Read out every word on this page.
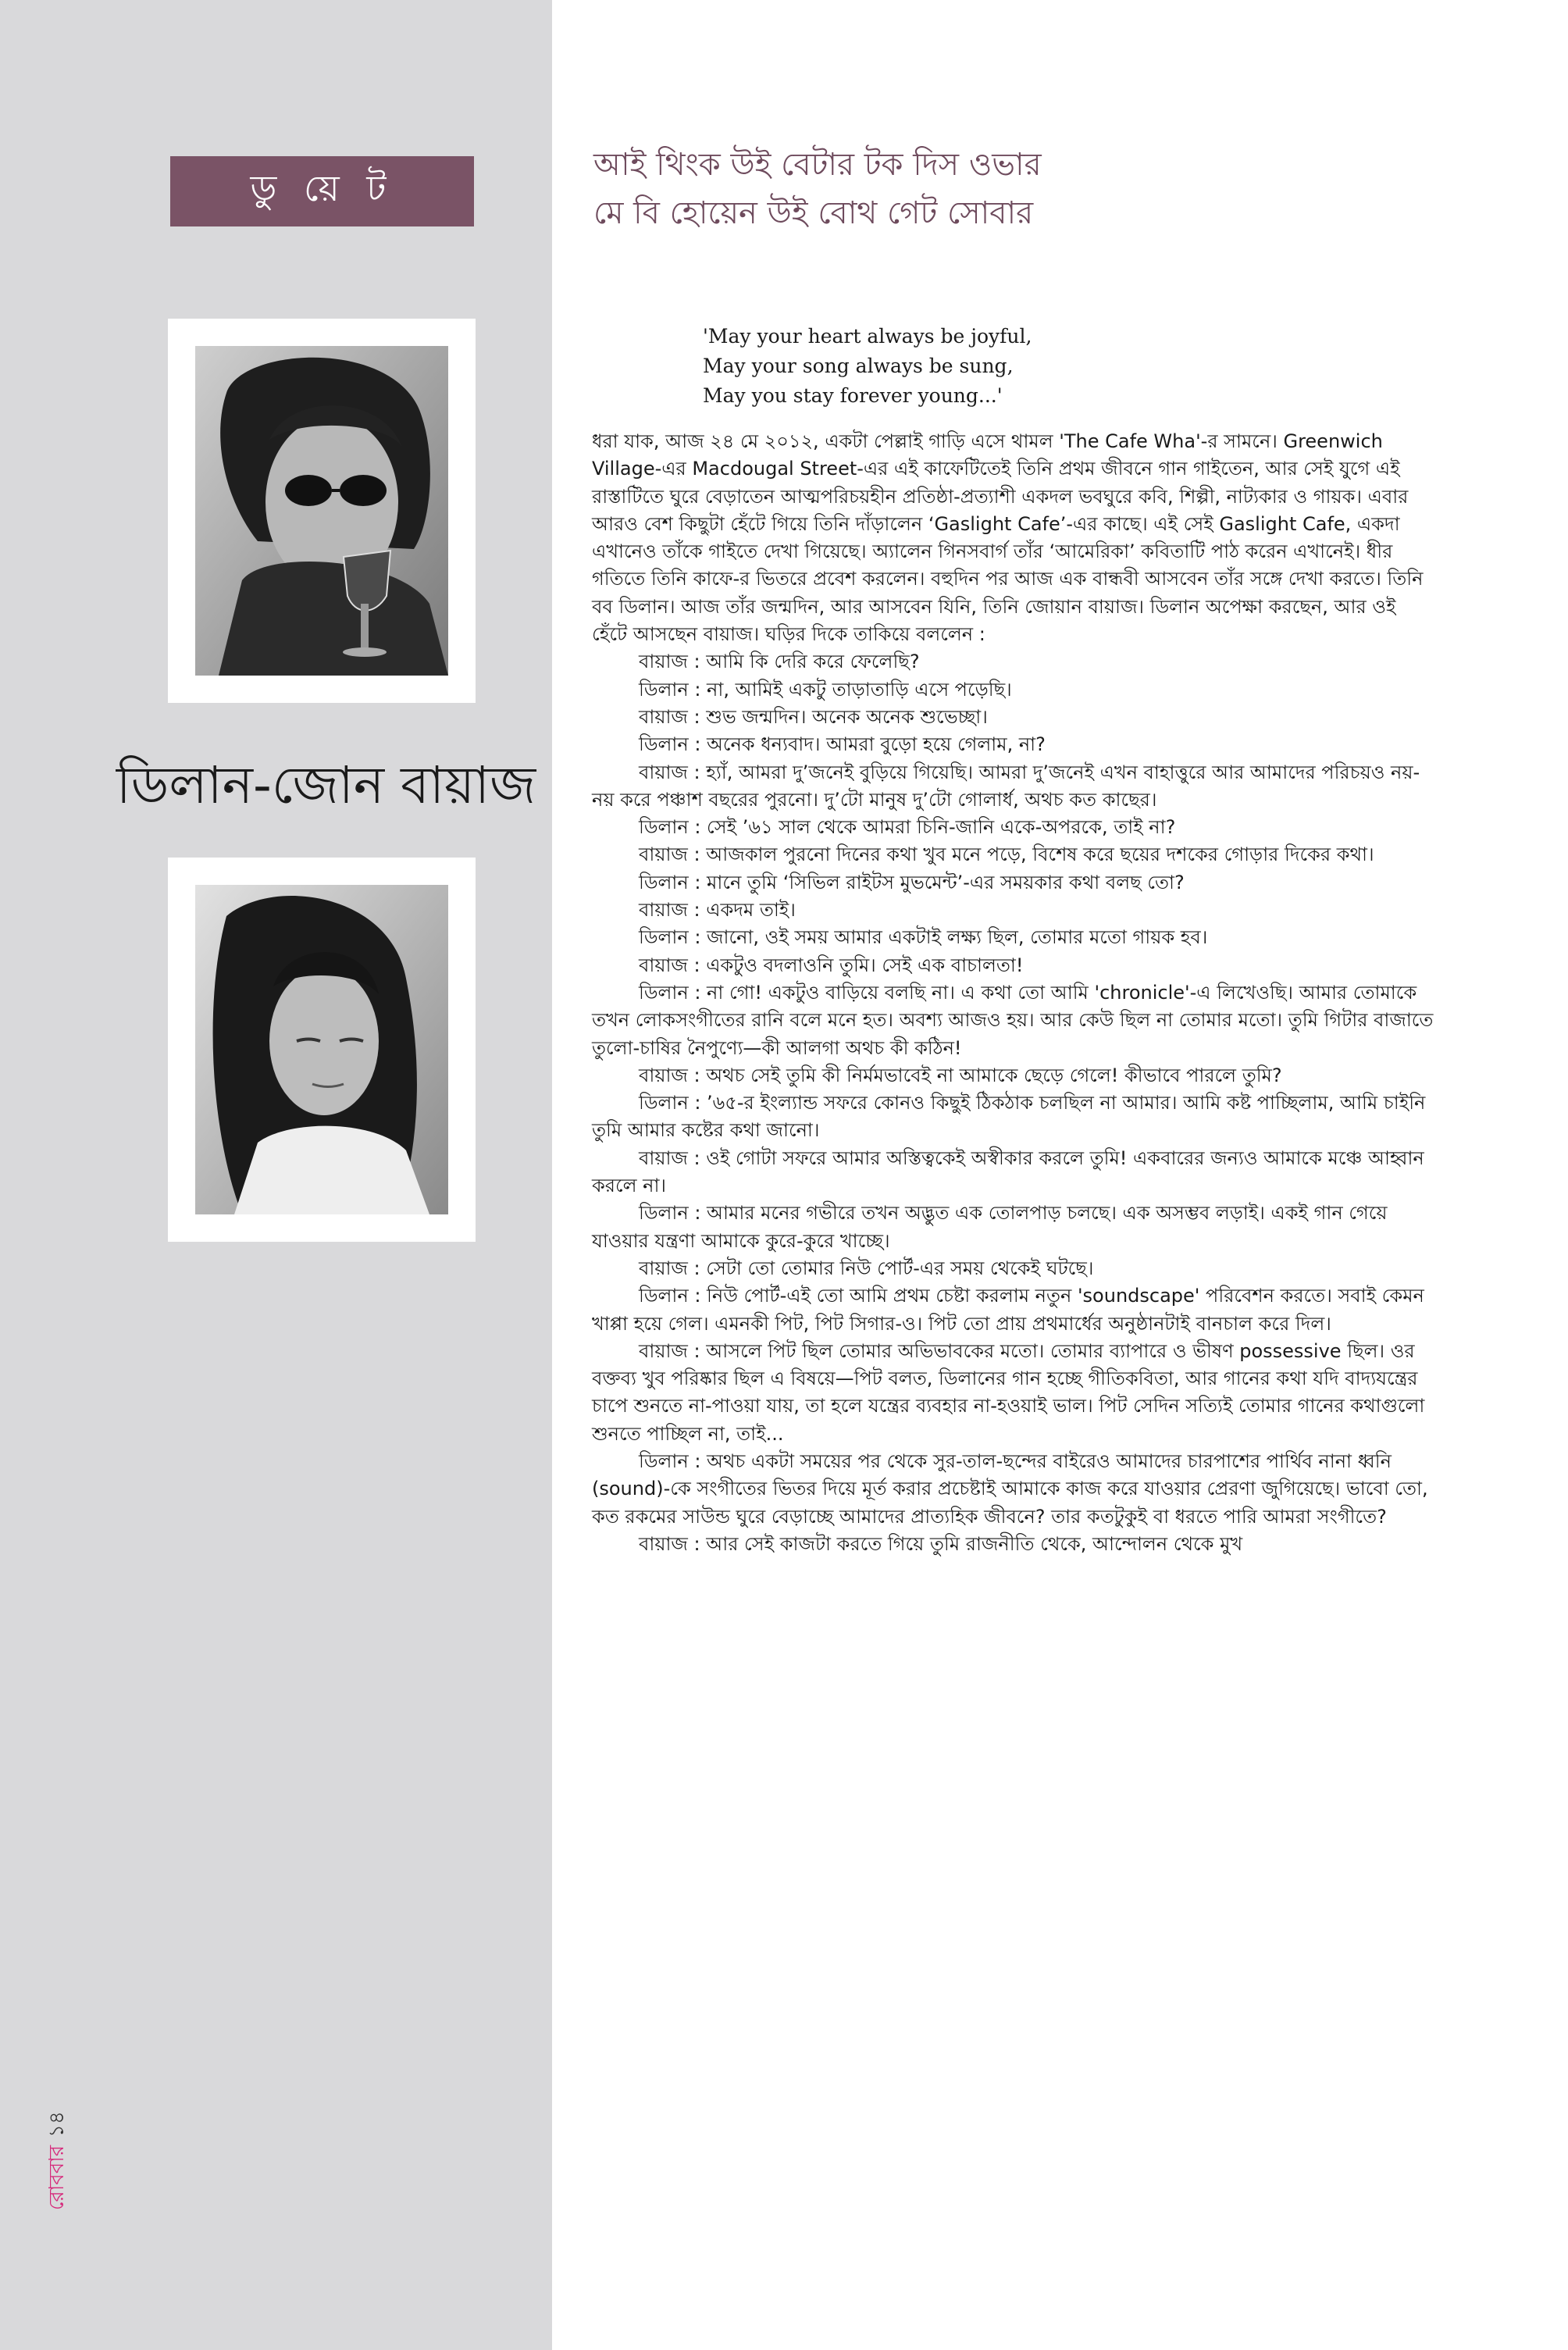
ডু য়ে ট
ডিলান-জোন বায়াজ
রোববার১৪
আই থিংক উই বেটার টক দিস ওভার
মে বি হোয়েন উই বোথ গেট সোবার
'May your heart always be joyful,
May your song always be sung,
May you stay forever young...'

ধরা যাক, আজ ২৪ মে ২০১২, একটা পেল্লাই গাড়ি এসে থামল 'The Cafe Wha'-র সামনে। Greenwich Village-এর Macdougal Street-এর এই কাফেটিতেই তিনি প্রথম জীবনে গান গাইতেন, আর সেই যুগে এই রাস্তাটিতে ঘুরে বেড়াতেন আত্মপরিচয়হীন প্রতিষ্ঠা-প্রত্যাশী একদল ভবঘুরে কবি, শিল্পী, নাট্যকার ও গায়ক। এবার আরও বেশ কিছুটা হেঁটে গিয়ে তিনি দাঁড়ালেন ‘Gaslight Cafe’-এর কাছে। এই সেই Gaslight Cafe, একদা এখানেও তাঁকে গাইতে দেখা গিয়েছে। অ্যালেন গিনসবার্গ তাঁর ‘আমেরিকা’ কবিতাটি পাঠ করেন এখানেই। ধীর গতিতে তিনি কাফে-র ভিতরে প্রবেশ করলেন। বহুদিন পর আজ এক বান্ধবী আসবেন তাঁর সঙ্গে দেখা করতে। তিনি বব ডিলান। আজ তাঁর জন্মদিন, আর আসবেন যিনি, তিনি জোয়ান বায়াজ। ডিলান অপেক্ষা করছেন, আর ওই হেঁটে আসছেন বায়াজ। ঘড়ির দিকে তাকিয়ে বললেন :

বায়াজ : আমি কি দেরি করে ফেলেছি?

ডিলান : না, আমিই একটু তাড়াতাড়ি এসে পড়েছি।

বায়াজ : শুভ জন্মদিন। অনেক অনেক শুভেচ্ছা।

ডিলান : অনেক ধন্যবাদ। আমরা বুড়ো হয়ে গেলাম, না?

বায়াজ : হ্যাঁ, আমরা দু’জনেই বুড়িয়ে গিয়েছি। আমরা দু’জনেই এখন বাহাত্তুরে আর আমাদের পরিচয়ও নয়-নয় করে পঞ্চাশ বছরের পুরনো। দু’টো মানুষ দু’টো গোলার্ধ, অথচ কত কাছের।

ডিলান : সেই ’৬১ সাল থেকে আমরা চিনি-জানি একে-অপরকে, তাই না?

বায়াজ : আজকাল পুরনো দিনের কথা খুব মনে পড়ে, বিশেষ করে ছয়ের দশকের গোড়ার দিকের কথা।

ডিলান : মানে তুমি ‘সিভিল রাইটস মুভমেন্ট’-এর সময়কার কথা বলছ তো?

বায়াজ : একদম তাই।

ডিলান : জানো, ওই সময় আমার একটাই লক্ষ্য ছিল, তোমার মতো গায়ক হব।

বায়াজ : একটুও বদলাওনি তুমি। সেই এক বাচালতা!

ডিলান : না গো! একটুও বাড়িয়ে বলছি না। এ কথা তো আমি 'chronicle'-এ লিখেওছি। আমার তোমাকে তখন লোকসংগীতের রানি বলে মনে হত। অবশ্য আজও হয়। আর কেউ ছিল না তোমার মতো। তুমি গিটার বাজাতে তুলো-চাষির নৈপুণ্যে—কী আলগা অথচ কী কঠিন!

বায়াজ : অথচ সেই তুমি কী নির্মমভাবেই না আমাকে ছেড়ে গেলে! কীভাবে পারলে তুমি?

ডিলান : ’৬৫-র ইংল্যান্ড সফরে কোনও কিছুই ঠিকঠাক চলছিল না আমার। আমি কষ্ট পাচ্ছিলাম, আমি চাইনি তুমি আমার কষ্টের কথা জানো।

বায়াজ : ওই গোটা সফরে আমার অস্তিত্বকেই অস্বীকার করলে তুমি! একবারের জন্যও আমাকে মঞ্চে আহ্বান করলে না।

ডিলান : আমার মনের গভীরে তখন অদ্ভুত এক তোলপাড় চলছে। এক অসম্ভব লড়াই। একই গান গেয়ে যাওয়ার যন্ত্রণা আমাকে কুরে-কুরে খাচ্ছে।

বায়াজ : সেটা তো তোমার নিউ পোর্ট-এর সময় থেকেই ঘটছে।

ডিলান : নিউ পোর্ট-এই তো আমি প্রথম চেষ্টা করলাম নতুন 'soundscape' পরিবেশন করতে। সবাই কেমন খাপ্পা হয়ে গেল। এমনকী পিট, পিট সিগার-ও। পিট তো প্রায় প্রথমার্ধের অনুষ্ঠানটাই বানচাল করে দিল।

বায়াজ : আসলে পিট ছিল তোমার অভিভাবকের মতো। তোমার ব্যাপারে ও ভীষণ possessive ছিল। ওর বক্তব্য খুব পরিষ্কার ছিল এ বিষয়ে—পিট বলত, ডিলানের গান হচ্ছে গীতিকবিতা, আর গানের কথা যদি বাদ্যযন্ত্রের চাপে শুনতে না-পাওয়া যায়, তা হলে যন্ত্রের ব্যবহার না-হওয়াই ভাল। পিট সেদিন সত্যিই তোমার গানের কথাগুলো শুনতে পাচ্ছিল না, তাই...

ডিলান : অথচ একটা সময়ের পর থেকে সুর-তাল-ছন্দের বাইরেও আমাদের চারপাশের পার্থিব নানা ধ্বনি (sound)-কে সংগীতের ভিতর দিয়ে মূর্ত করার প্রচেষ্টাই আমাকে কাজ করে যাওয়ার প্রেরণা জুগিয়েছে। ভাবো তো, কত রকমের সাউন্ড ঘুরে বেড়াচ্ছে আমাদের প্রাত্যহিক জীবনে? তার কতটুকুই বা ধরতে পারি আমরা সংগীতে?

বায়াজ : আর সেই কাজটা করতে গিয়ে তুমি রাজনীতি থেকে, আন্দোলন থেকে মুখ
